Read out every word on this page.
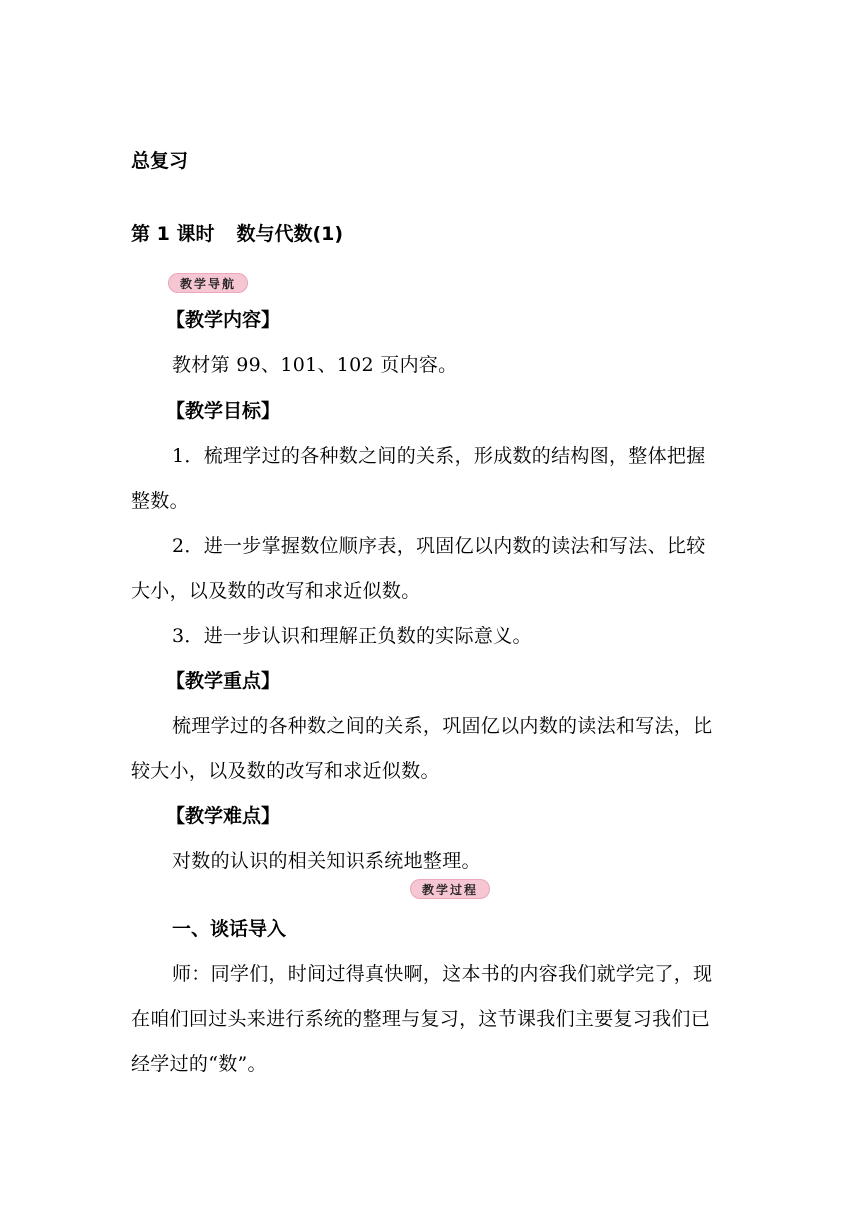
总复习
第 1 课时 数与代数(1)
教学导航
【教学内容】
教材第 99、101、102 页内容。
【教学目标】
1．梳理学过的各种数之间的关系，形成数的结构图，整体把握
整数。
2．进一步掌握数位顺序表，巩固亿以内数的读法和写法、比较
大小，以及数的改写和求近似数。
3．进一步认识和理解正负数的实际意义。
【教学重点】
梳理学过的各种数之间的关系，巩固亿以内数的读法和写法，比
较大小，以及数的改写和求近似数。
【教学难点】
对数的认识的相关知识系统地整理。
教学过程
一、谈话导入
师：同学们，时间过得真快啊，这本书的内容我们就学完了，现
在咱们回过头来进行系统的整理与复习，这节课我们主要复习我们已
经学过的“数”。
